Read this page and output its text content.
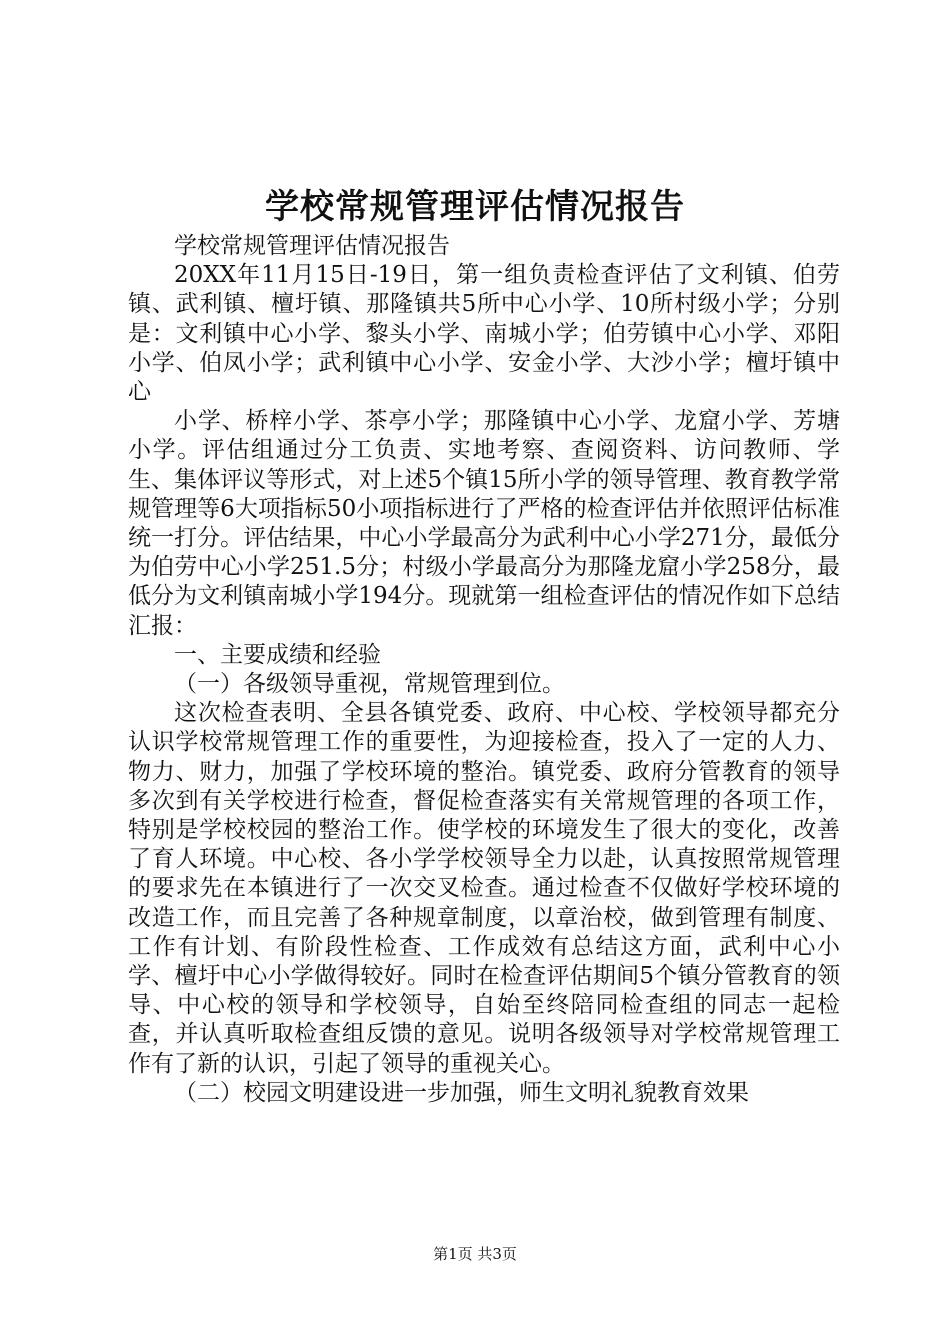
学校常规管理评估情况报告

学校常规管理评估情况报告

20XX年11月15日-19日，第一组负责检查评估了文利镇、伯劳镇、武利镇、檀圩镇、那隆镇共5所中心小学、10所村级小学；分别是：文利镇中心小学、黎头小学、南城小学；伯劳镇中心小学、邓阳小学、伯凤小学；武利镇中心小学、安金小学、大沙小学；檀圩镇中心

小学、桥梓小学、茶亭小学；那隆镇中心小学、龙窟小学、芳塘小学。评估组通过分工负责、实地考察、查阅资料、访问教师、学生、集体评议等形式，对上述5个镇15所小学的领导管理、教育教学常规管理等6大项指标50小项指标进行了严格的检查评估并依照评估标准统一打分。评估结果，中心小学最高分为武利中心小学271分，最低分为伯劳中心小学251.5分；村级小学最高分为那隆龙窟小学258分，最低分为文利镇南城小学194分。现就第一组检查评估的情况作如下总结汇报：

一、主要成绩和经验

（一）各级领导重视，常规管理到位。

这次检查表明、全县各镇党委、政府、中心校、学校领导都充分认识学校常规管理工作的重要性，为迎接检查，投入了一定的人力、物力、财力，加强了学校环境的整治。镇党委、政府分管教育的领导多次到有关学校进行检查，督促检查落实有关常规管理的各项工作，特别是学校校园的整治工作。使学校的环境发生了很大的变化，改善了育人环境。中心校、各小学学校领导全力以赴，认真按照常规管理的要求先在本镇进行了一次交叉检查。通过检查不仅做好学校环境的改造工作，而且完善了各种规章制度，以章治校，做到管理有制度、工作有计划、有阶段性检查、工作成效有总结这方面，武利中心小学、檀圩中心小学做得较好。同时在检查评估期间5个镇分管教育的领导、中心校的领导和学校领导，自始至终陪同检查组的同志一起检查，并认真听取检查组反馈的意见。说明各级领导对学校常规管理工作有了新的认识，引起了领导的重视关心。

（二）校园文明建设进一步加强，师生文明礼貌教育效果

第1页 共3页
